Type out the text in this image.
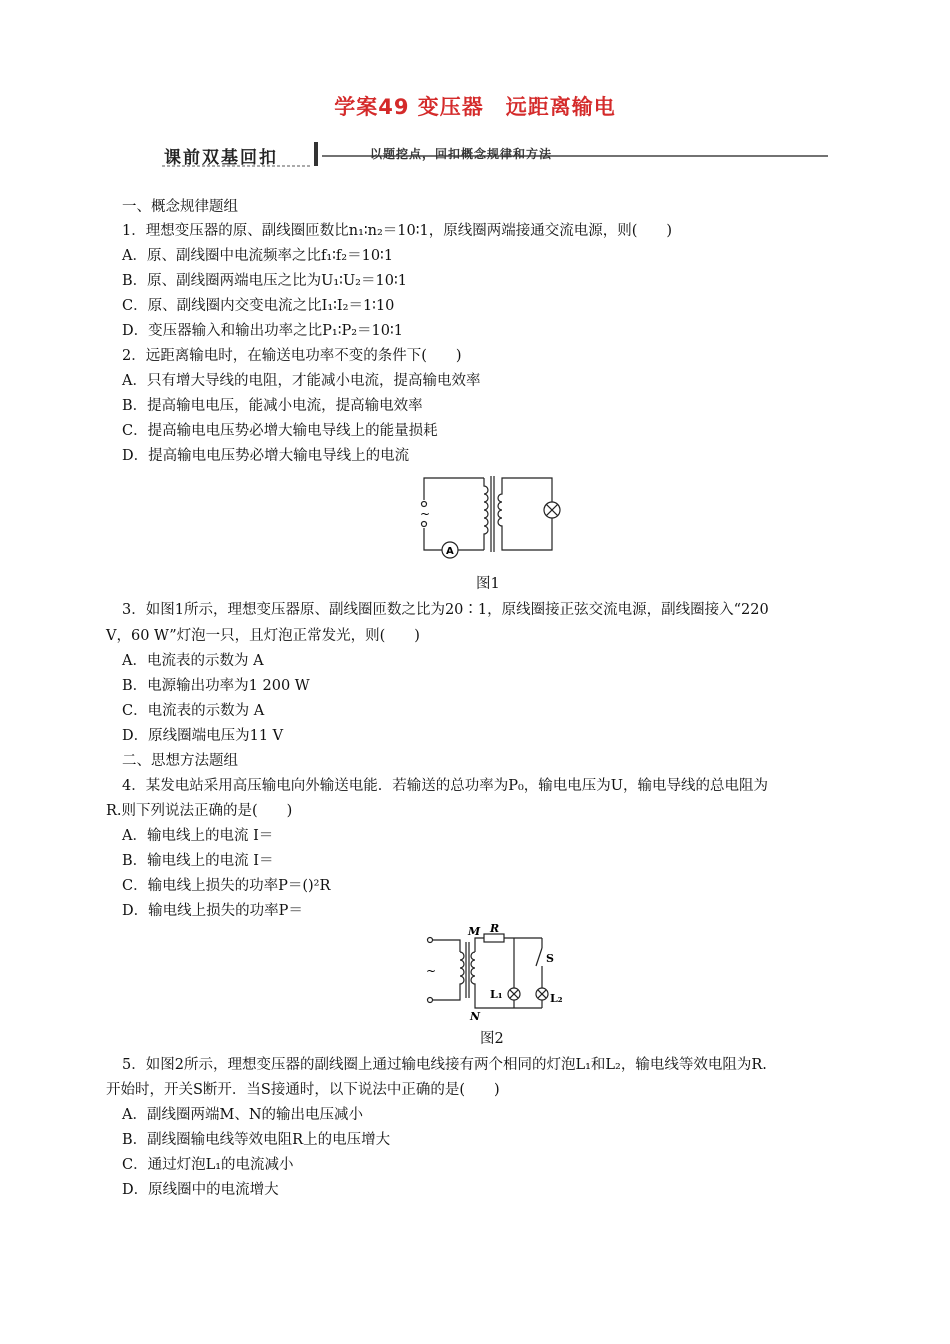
学案49 变压器　远距离输电
课前双基回扣	以题挖点，回扣概念规律和方法
一、概念规律题组
1．理想变压器的原、副线圈匝数比n₁∶n₂＝10∶1，原线圈两端接通交流电源，则(　　)
A．原、副线圈中电流频率之比f₁∶f₂＝10∶1
B．原、副线圈两端电压之比为U₁∶U₂＝10∶1
C．原、副线圈内交变电流之比I₁∶I₂＝1∶10
D．变压器输入和输出功率之比P₁∶P₂＝10∶1
2．远距离输电时，在输送电功率不变的条件下(　　)
A．只有增大导线的电阻，才能减小电流，提高输电效率
B．提高输电电压，能减小电流，提高输电效率
C．提高输电电压势必增大输电导线上的能量损耗
D．提高输电电压势必增大输电导线上的电流
~
A
图1
3．如图1所示，理想变压器原、副线圈匝数之比为20∶1，原线圈接正弦交流电源，副线圈接入“220
V，60 W”灯泡一只，且灯泡正常发光，则(　　)
A．电流表的示数为 A
B．电源输出功率为1 200 W
C．电流表的示数为 A
D．原线圈端电压为11 V
二、思想方法题组
4．某发电站采用高压输电向外输送电能．若输送的总功率为P₀，输电电压为U，输电导线的总电阻为
R.则下列说法正确的是(　　)
A．输电线上的电流 I＝
B．输电线上的电流 I＝
C．输电线上损失的功率P＝()²R
D．输电线上损失的功率P＝
~
M R
S
L₁	L₂
N
图2
5．如图2所示，理想变压器的副线圈上通过输电线接有两个相同的灯泡L₁和L₂，输电线等效电阻为R.
开始时，开关S断开．当S接通时，以下说法中正确的是(　　)
A．副线圈两端M、N的输出电压减小
B．副线圈输电线等效电阻R上的电压增大
C．通过灯泡L₁的电流减小
D．原线圈中的电流增大
